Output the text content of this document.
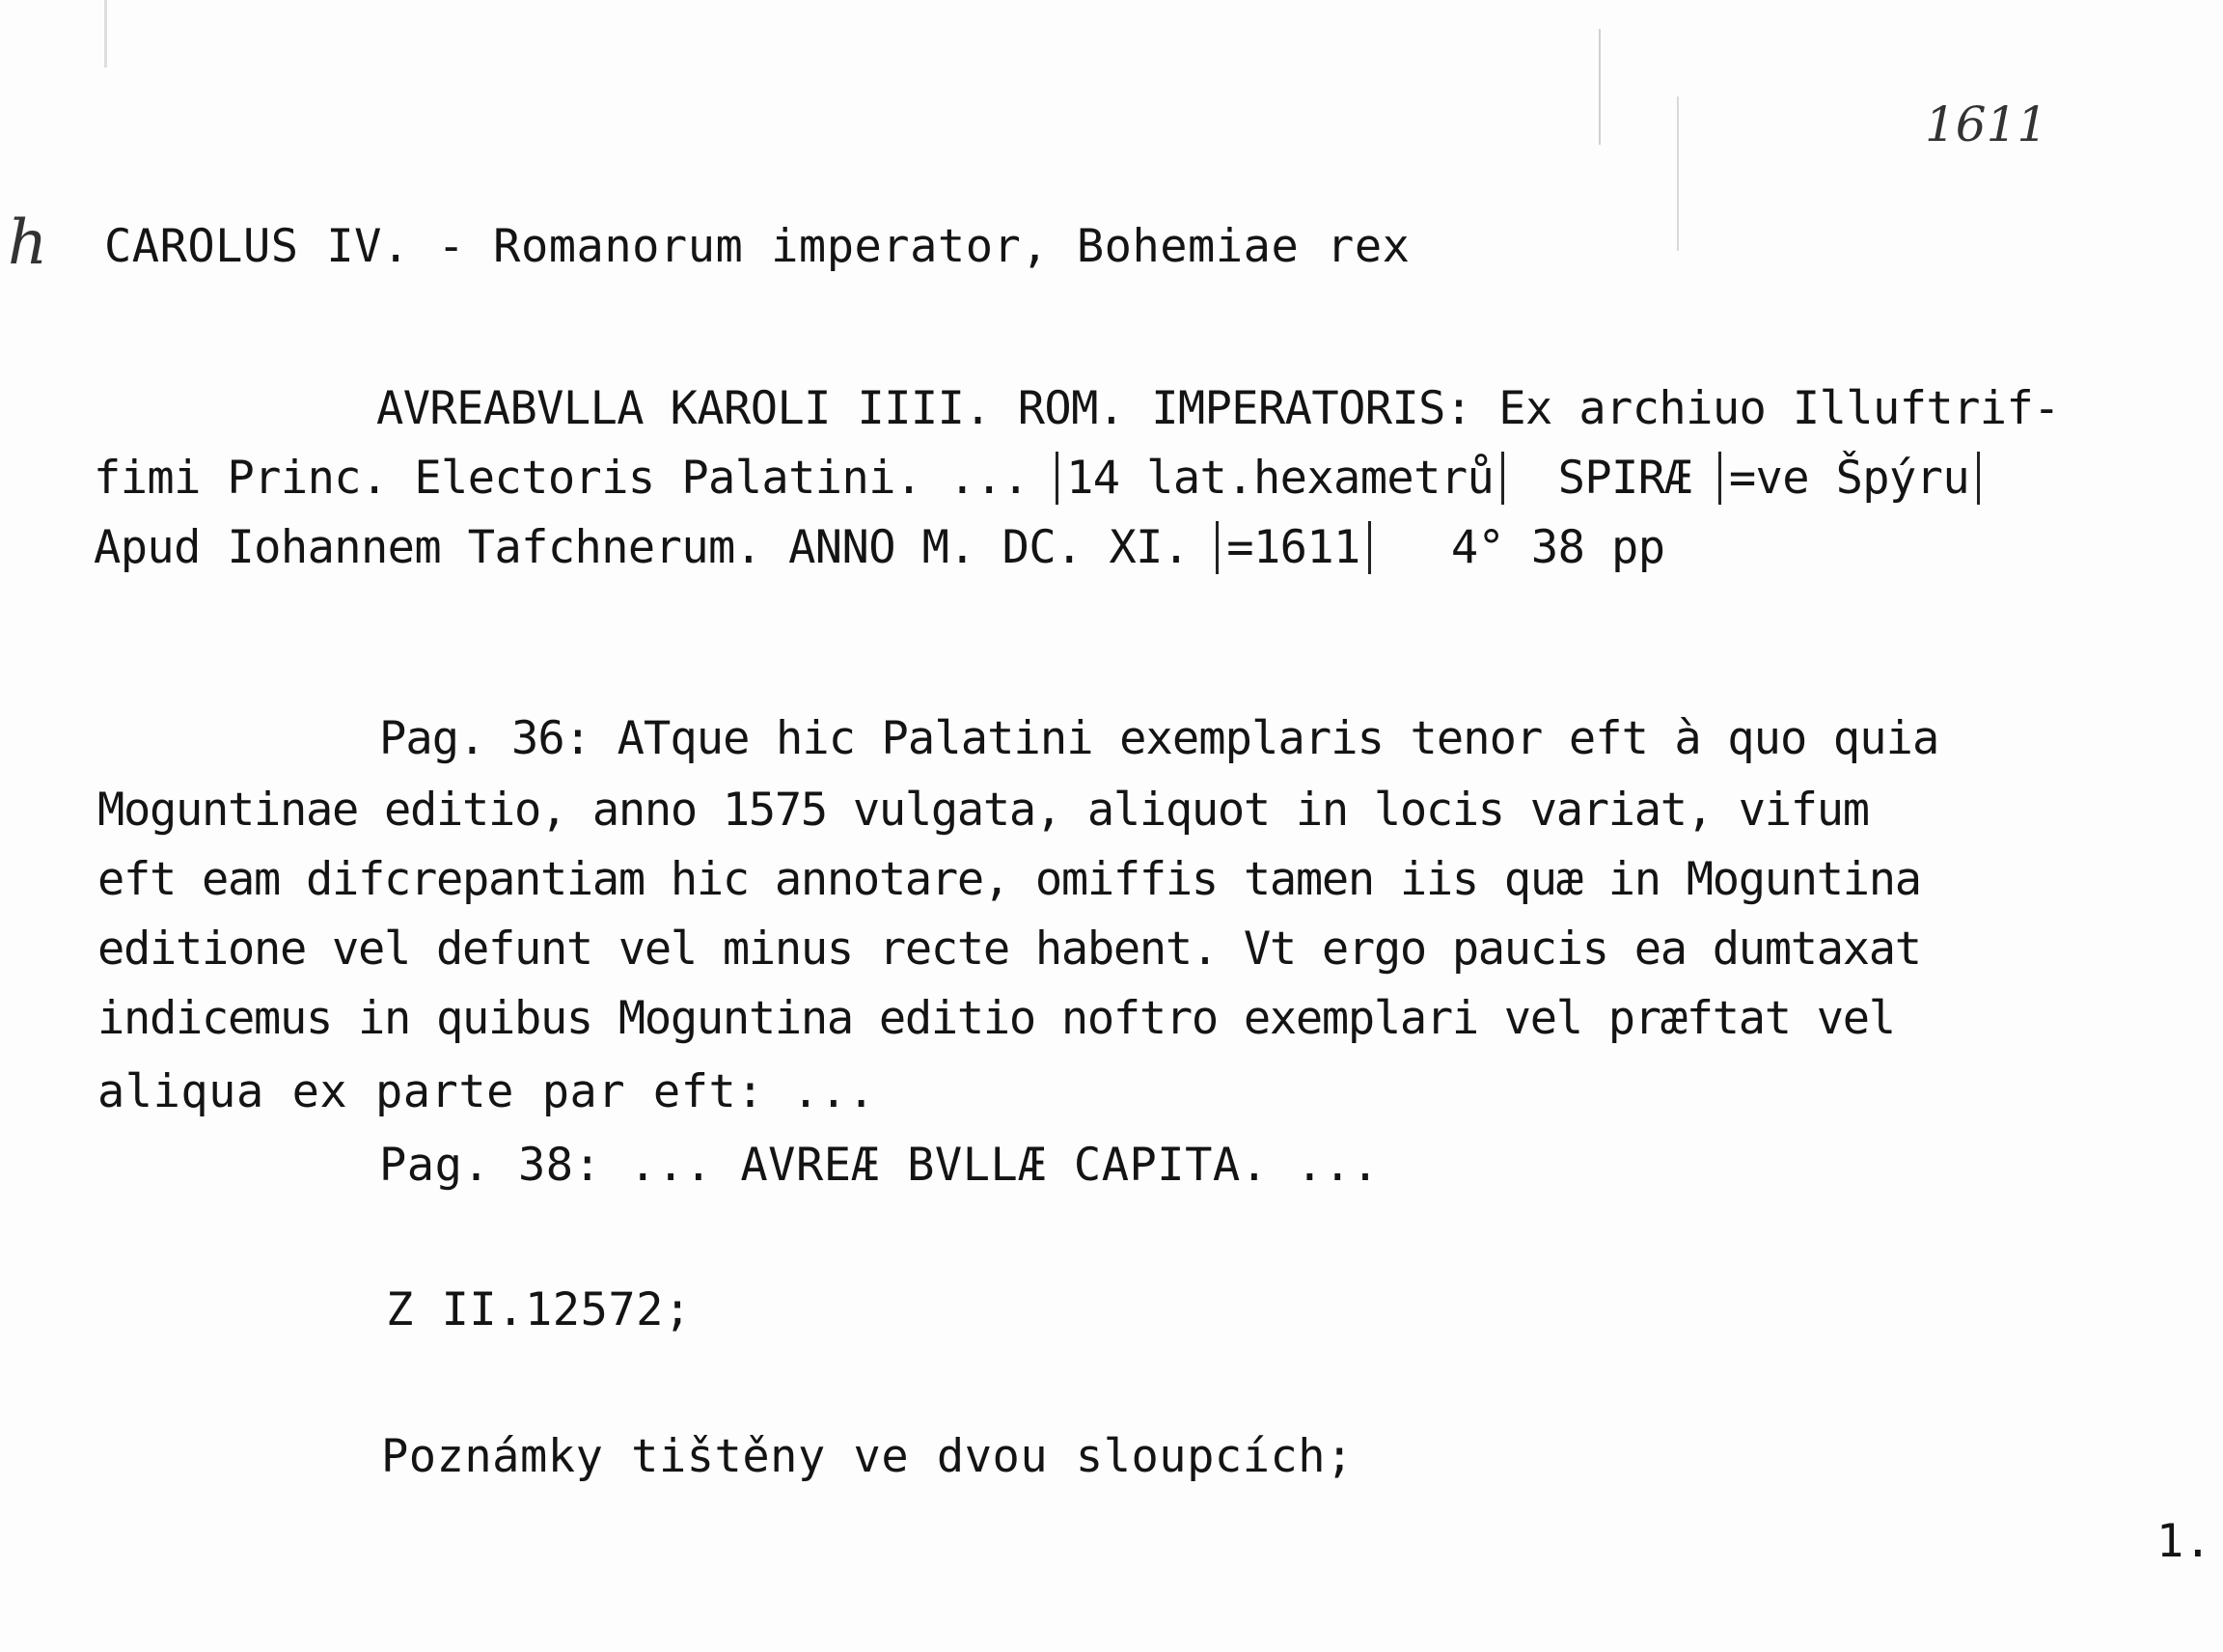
1611
h CAROLUS IV. - Romanorum imperator, Bohemiae rex
AVREABVLLA KAROLI IIII. ROM. IMPERATORIS: Ex archiuo Illuftrif-
fimi Princ. Electoris Palatini. ... 14 lat.hexametrů  SPIRÆ =ve Špýru
Apud Iohannem Tafchnerum. ANNO M. DC. XI. =1611   4° 38 pp
Pag. 36: ATque hic Palatini exemplaris tenor eft à quo quia
Moguntinae editio, anno 1575 vulgata, aliquot in locis variat, vifum
eft eam difcrepantiam hic annotare, omiffis tamen iis quæ in Moguntina
editione vel defunt vel minus recte habent. Vt ergo paucis ea dumtaxat
indicemus in quibus Moguntina editio noftro exemplari vel præftat vel
aliqua ex parte par eft: ...
Pag. 38: ... AVREÆ BVLLÆ CAPITA. ...
Z II.12572;
Poznámky tištěny ve dvou sloupcích;
1.
